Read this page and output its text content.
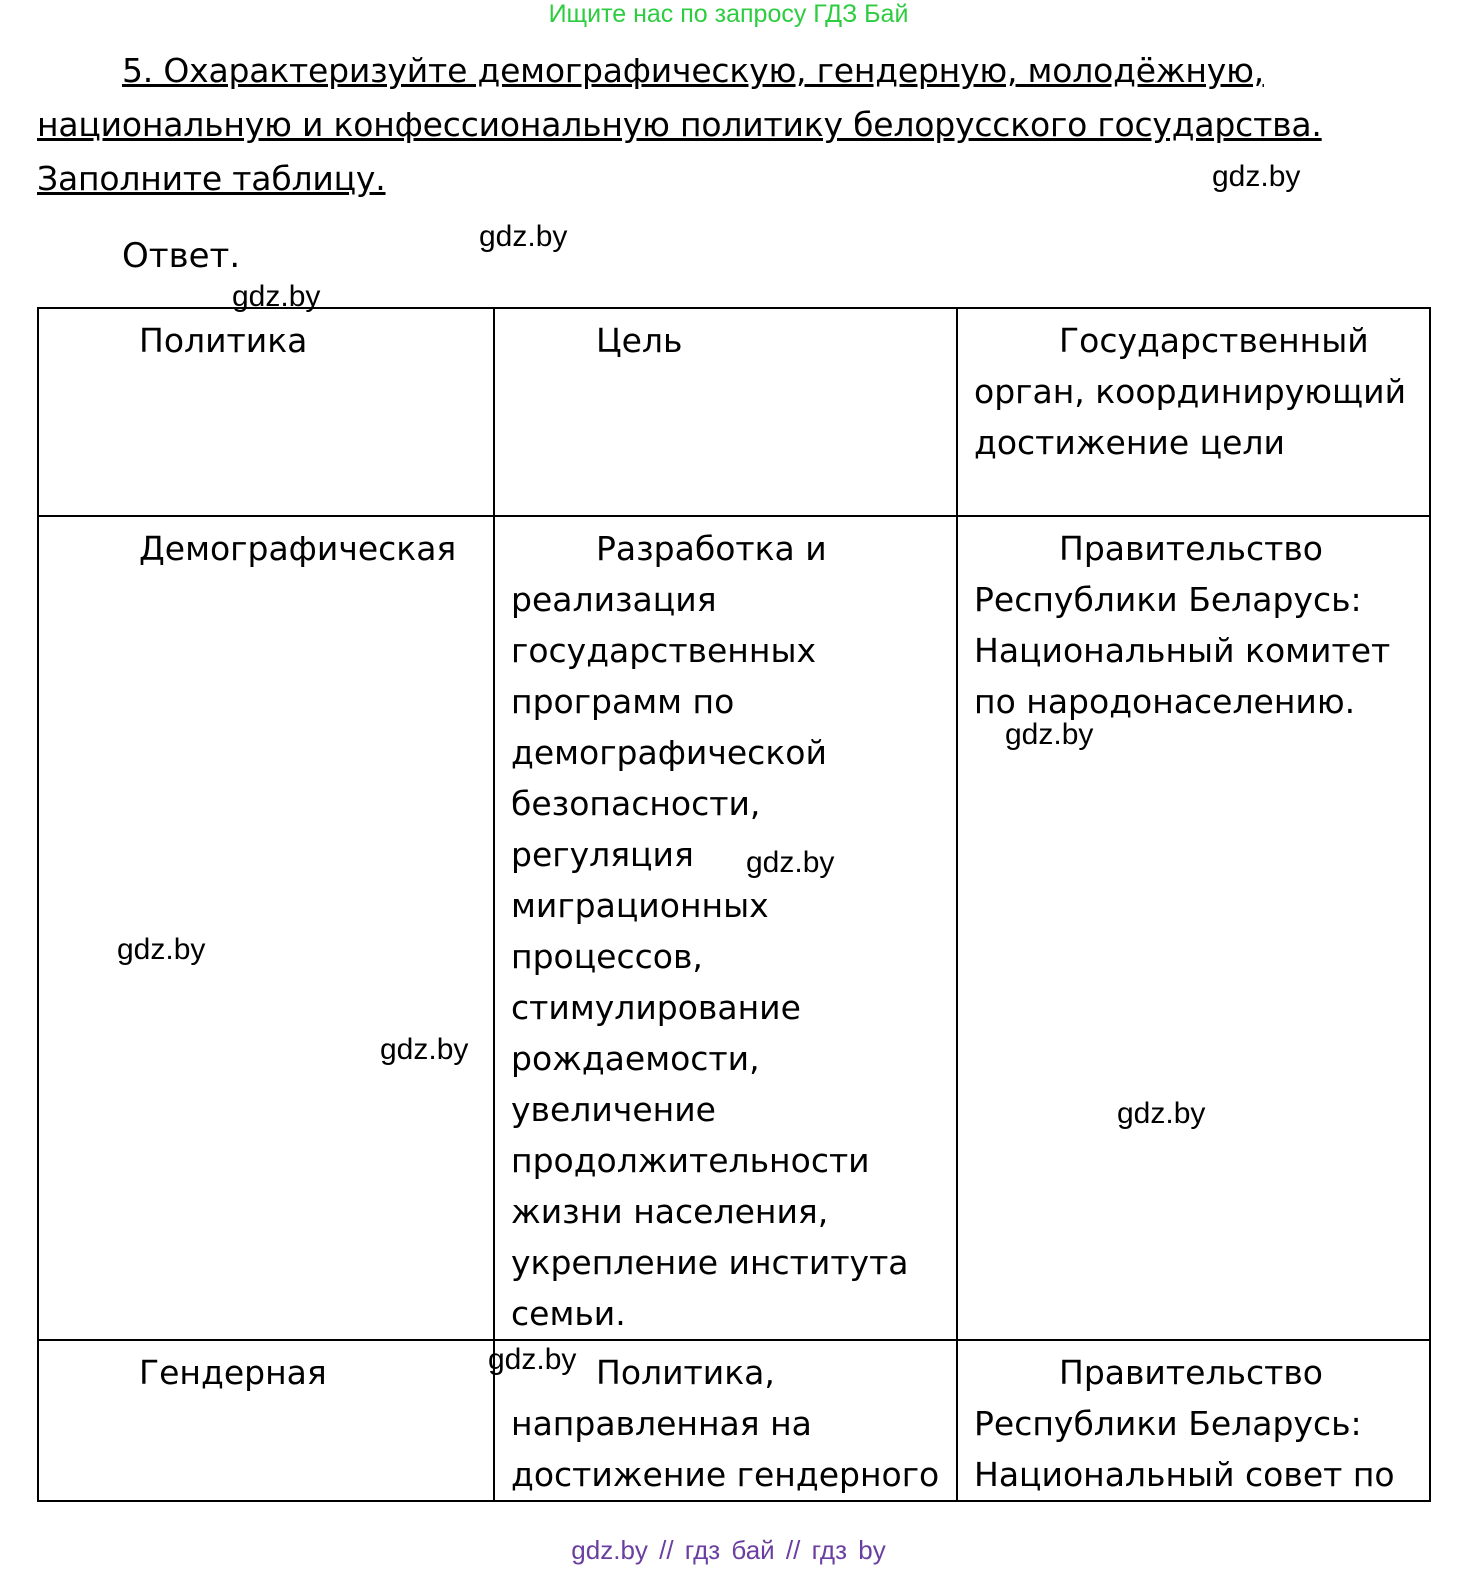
Ищите нас по запросу ГДЗ Бай
5. Охарактеризуйте демографическую, гендерную, молодёжную, национальную и конфессиональную политику белорусского государства. Заполните таблицу.
Ответ.
Политика	Цель	Государственный орган, координирующий достижение цели
Демографическая	Разработка и реализация государственных программ по демографической безопасности, регуляция миграционных процессов, стимулирование рождаемости, увеличение продолжительности жизни населения, укрепление института семьи.	Правительство Республики Беларусь: Национальный комитет по народонаселению.
Гендерная	Политика, направленная на достижение гендерного	Правительство Республики Беларусь: Национальный совет по
gdz.by
gdz.by
gdz.by
gdz.by
gdz.by
gdz.by
gdz.by
gdz.by
gdz.by
gdz.by // гдз бай // гдз by
